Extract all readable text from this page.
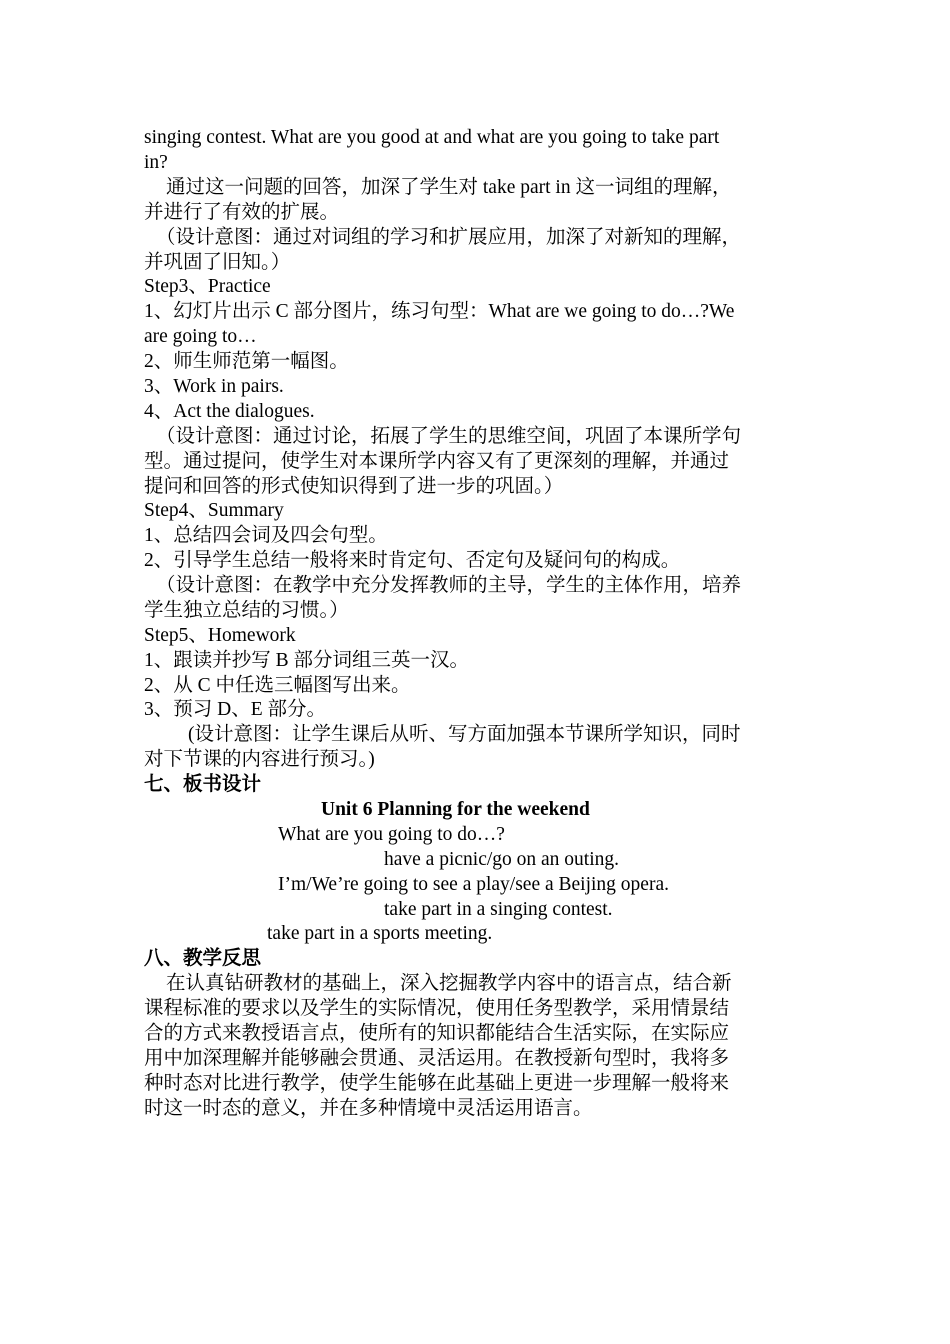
singing contest. What are you good at and what are you going to take part
in?
通过这一问题的回答，加深了学生对 take part in 这一词组的理解，
并进行了有效的扩展。
（设计意图：通过对词组的学习和扩展应用，加深了对新知的理解，
并巩固了旧知。）
Step3、Practice
1、幻灯片出示 C 部分图片，练习句型：What are we going to do…?We
are going to…
2、师生师范第一幅图。
3、Work in pairs.
4、Act the dialogues.
（设计意图：通过讨论，拓展了学生的思维空间，巩固了本课所学句
型。通过提问，使学生对本课所学内容又有了更深刻的理解，并通过
提问和回答的形式使知识得到了进一步的巩固。）
Step4、Summary
1、总结四会词及四会句型。
2、引导学生总结一般将来时肯定句、否定句及疑问句的构成。
（设计意图：在教学中充分发挥教师的主导，学生的主体作用，培养
学生独立总结的习惯。）
Step5、Homework
1、跟读并抄写 B 部分词组三英一汉。
2、从 C 中任选三幅图写出来。
3、预习 D、E 部分。
(设计意图：让学生课后从听、写方面加强本节课所学知识，同时
对下节课的内容进行预习。)
七、板书设计
Unit 6 Planning for the weekend
What are you going to do…?
have a picnic/go on an outing.
I’m/We’re going to see a play/see a Beijing opera.
take part in a singing contest.
take part in a sports meeting.
八、教学反思
在认真钻研教材的基础上，深入挖掘教学内容中的语言点，结合新
课程标准的要求以及学生的实际情况，使用任务型教学，采用情景结
合的方式来教授语言点，使所有的知识都能结合生活实际，在实际应
用中加深理解并能够融会贯通、灵活运用。在教授新句型时，我将多
种时态对比进行教学，使学生能够在此基础上更进一步理解一般将来
时这一时态的意义，并在多种情境中灵活运用语言。
